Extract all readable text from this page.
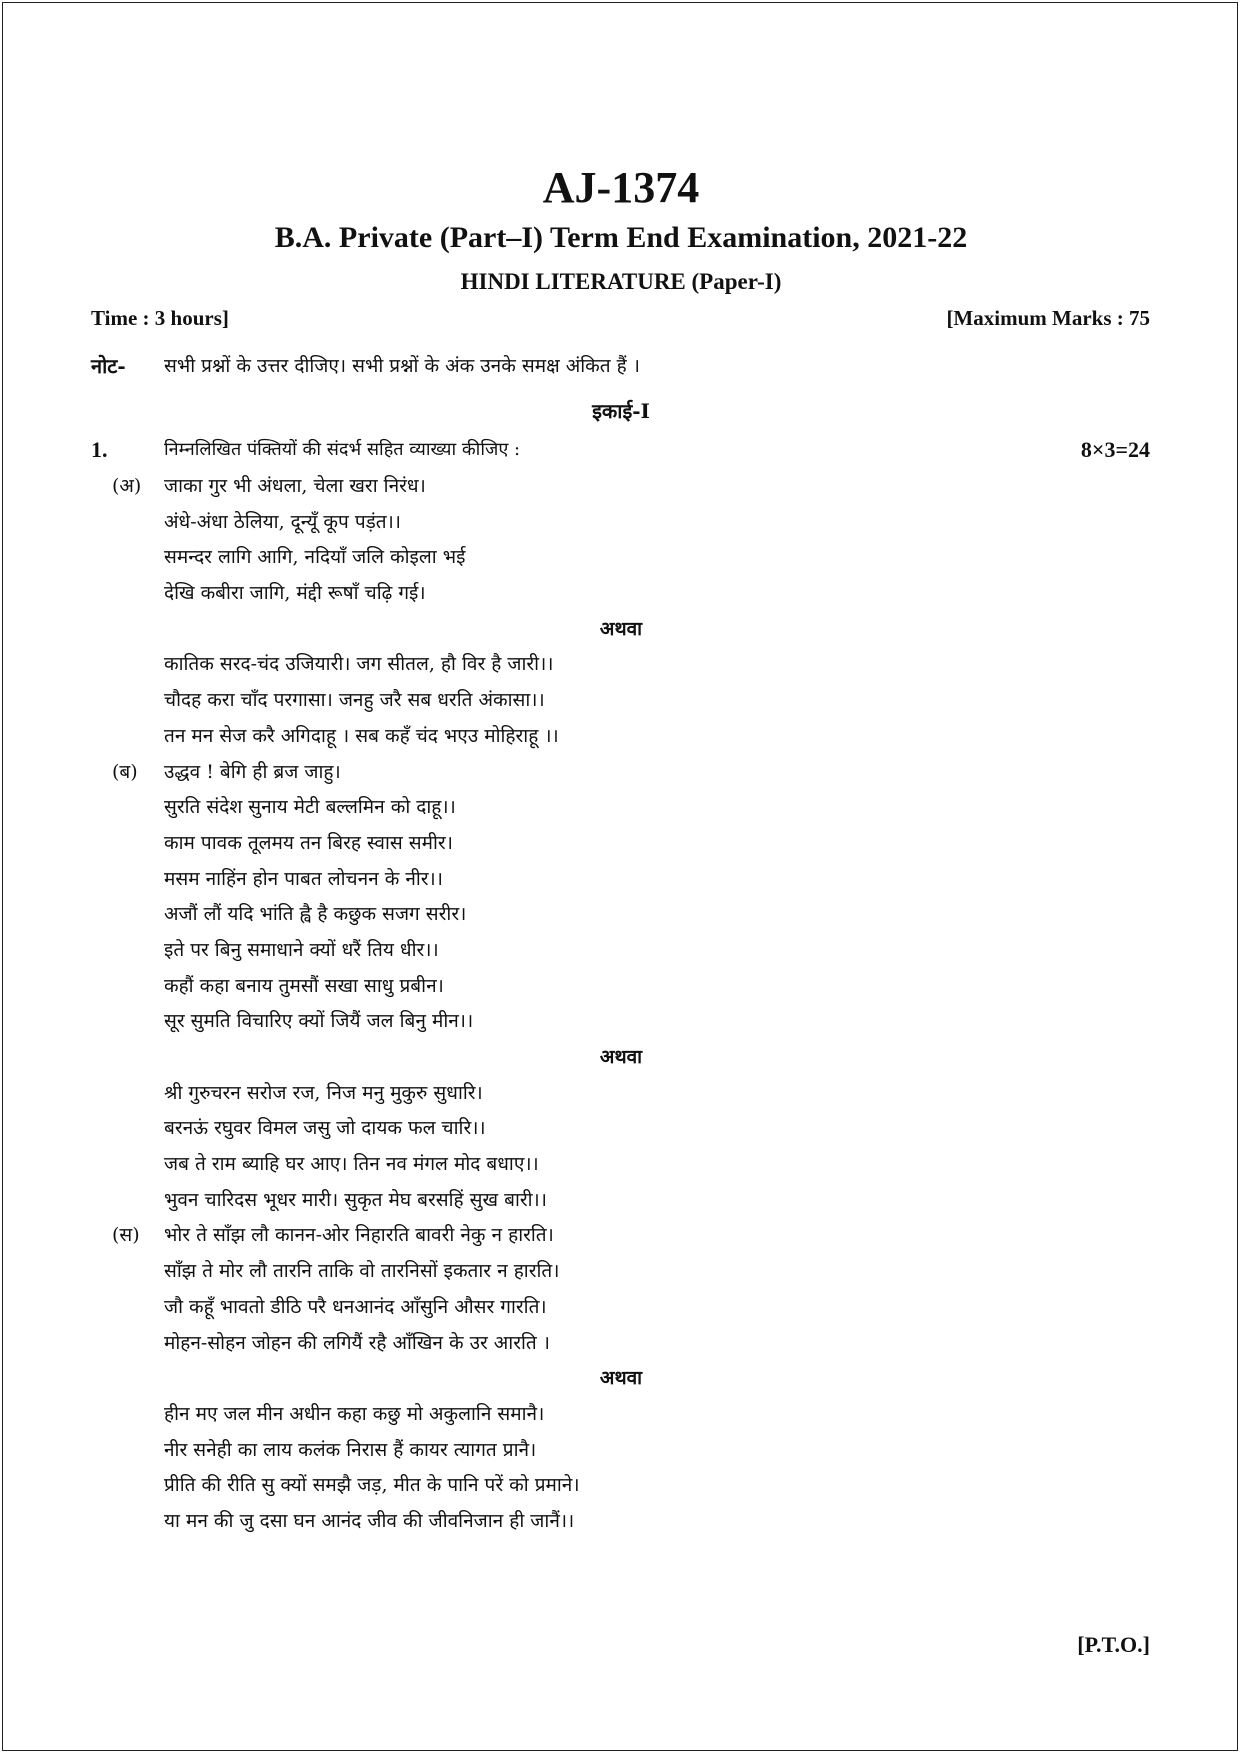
AJ-1374
B.A. Private (Part–I) Term End Examination, 2021-22
HINDI LITERATURE (Paper-I)
Time : 3 hours]	[Maximum Marks : 75
नोट- सभी प्रश्नों के उत्तर दीजिए। सभी प्रश्नों के अंक उनके समक्ष अंकित हैं ।
इकाई-I
1.	निम्नलिखित पंक्तियों की संदर्भ सहित व्याख्या कीजिए :	8×3=24
(अ) जाका गुर भी अंधला, चेला खरा निरंध।
अंधे-अंधा ठेलिया, दून्यूँ कूप पड़ंत।।
समन्दर लागि आगि, नदियाँ जलि कोइला भई
देखि कबीरा जागि, मंद्दी रूषाँ चढ़ि गई।
अथवा
कातिक सरद-चंद उजियारी। जग सीतल, हौ विर है जारी।।
चौदह करा चाँद परगासा। जनहु जरै सब धरति अंकासा।।
तन मन सेज करै अगिदाहू । सब कहँ चंद भएउ मोहिराहू ।।
(ब) उद्धव ! बेगि ही ब्रज जाहु।
सुरति संदेश सुनाय मेटी बल्लमिन को दाहू।।
काम पावक तूलमय तन बिरह स्वास समीर।
मसम नाहिंन होन पाबत लोचनन के नीर।।
अजौं लौं यदि भांति ह्वै है कछुक सजग सरीर।
इते पर बिनु समाधाने क्यों धरैं तिय धीर।।
कहौं कहा बनाय तुमसौं सखा साधु प्रबीन।
सूर सुमति विचारिए क्यों जियैं जल बिनु मीन।।
अथवा
श्री गुरुचरन सरोज रज, निज मनु मुकुरु सुधारि।
बरनऊं रघुवर विमल जसु जो दायक फल चारि।।
जब ते राम ब्याहि घर आए। तिन नव मंगल मोद बधाए।।
भुवन चारिदस भूधर मारी। सुकृत मेघ बरसहिं सुख बारी।।
(स) भोर ते साँझ लौ कानन-ओर निहारति बावरी नेकु न हारति।
साँझ ते मोर लौ तारनि ताकि वो तारनिसों इकतार न हारति।
जौ कहूँ भावतो डीठि परै धनआनंद आँसुनि औसर गारति।
मोहन-सोहन जोहन की लगियैं रहै आँखिन के उर आरति ।
अथवा
हीन मए जल मीन अधीन कहा कछु मो अकुलानि समानै।
नीर सनेही का लाय कलंक निरास हैं कायर त्यागत प्रानै।
प्रीति की रीति सु क्यों समझै जड़, मीत के पानि परें को प्रमाने।
या मन की जु दसा घन आनंद जीव की जीवनिजान ही जानैं।।
[P.T.O.]
